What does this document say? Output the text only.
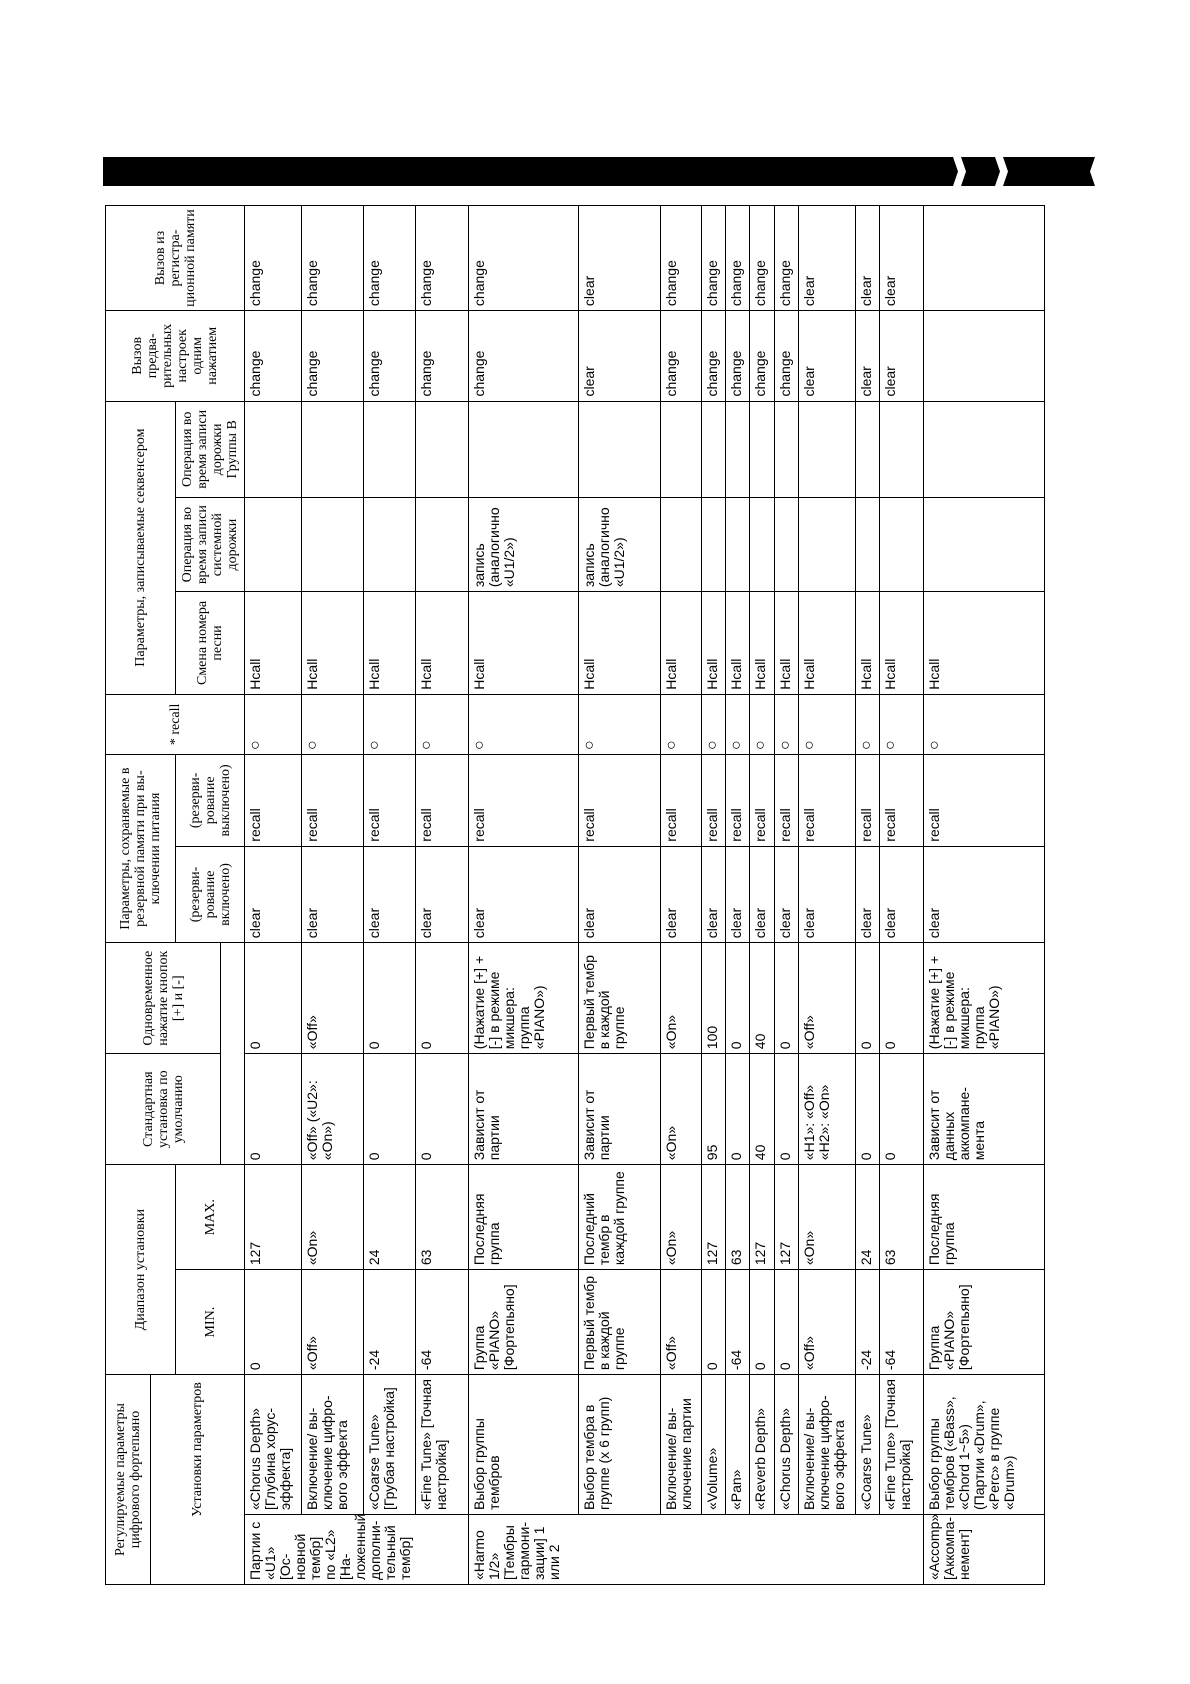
Регулируемые параметры цифрового фортепьяно		Диапазон установки		Стандартная установка по умолчанию	Одновременное нажатие кнопок [+] и [-]	Параметры, сохраняемые в резервной памяти при выключении питания		* recall	Параметры, записываемые секвенсером			Вызов предварительных настроек одним нажатием	Вызов из регистрационной памяти
Установки параметров													
		MIN.	MAX.			(резервирование включено)	(резервирование выключено)		Смена номера песни	Операция во время записи системной дорожки	Операция во время записи дорожки Группы В		

Партии с «U1» [Основной тембр] по «L2» [Наложенный дополнительный тембр]	«Chorus Depth» [Глубина хорус-эффекта]	0	127	0	0	clear	recall	○	Hcall			change	change
	Включение/ выключение цифрового эффекта	«Off»	«On»	«Off» («U2»: «On»)	«Off»	clear	recall	○	Hcall			change	change
	«Coarse Tune» [Грубая настройка]	-24	24	0	0	clear	recall	○	Hcall			change	change
	«Fine Tune» [Точная настройка]	-64	63	0	0	clear	recall	○	Hcall			change	change
«Harmo 1/2» [Тембры гармонизации] 1 или 2	Выбор группы тембров	Группа «PIANO» [Фортепьяно]	Последняя группа	Зависит от партии	(Нажатие [+] + [-] в режиме микшера: группа «PIANO»)	clear	recall	○	Hcall	запись (аналогично «U1/2»)		change	change
	Выбор тембра в группе (x 6 групп)	Первый тембр в каждой группе	Последний тембр в каждой группе	Зависит от партии	Первый тембр в каждой группе	clear	recall	○	Hcall	запись (аналогично «U1/2»)		clear	clear
	Включение/ выключение партии	«Off»	«On»	«On»	«On»	clear	recall	○	Hcall			change	change
	«Volume»	0	127	95	100	clear	recall	○	Hcall			change	change
	«Pan»	-64	63	0	0	clear	recall	○	Hcall			change	change
	«Reverb Depth»	0	127	40	40	clear	recall	○	Hcall			change	change
	«Chorus Depth»	0	127	0	0	clear	recall	○	Hcall			change	change
	Включение/ выключение цифрового эффекта	«Off»	«On»	«H1»: «Off» «H2»: «On»	«Off»	clear	recall	○	Hcall			clear	clear
	«Coarse Tune»	-24	24	0	0	clear	recall	○	Hcall			clear	clear
	«Fine Tune» [Точная настройка]	-64	63	0	0	clear	recall	○	Hcall			clear	clear
«Accomp» [Аккомпанемент]	Выбор группы тембров («Bass», «Chord 1~5») (Партии «Drum», «Perc» в группе «Drum»)	Группа «PIANO» [Фортепьяно]	Последняя группа	Зависит от данных аккомпанемента	(Нажатие [+] + [-] в режиме микшера: группа «PIANO»)	clear	recall	○	Hcall				
